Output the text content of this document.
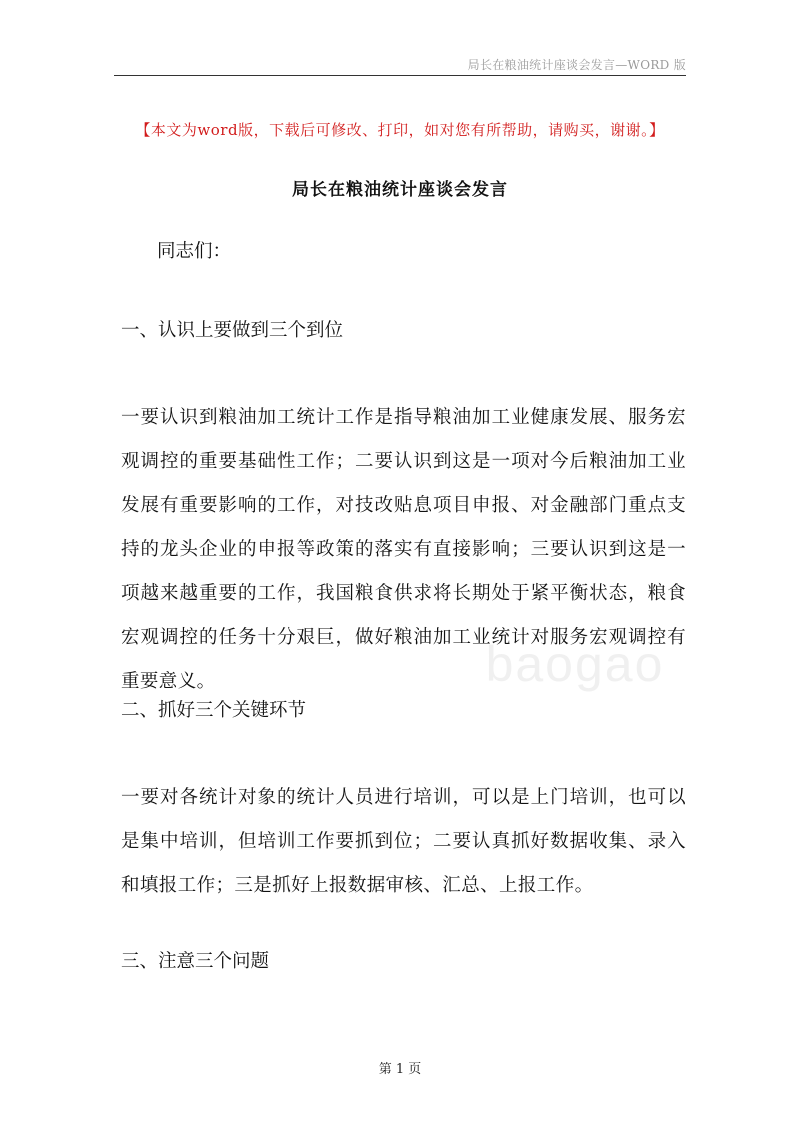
局长在粮油统计座谈会发言—WORD 版
【本文为word版，下载后可修改、打印，如对您有所帮助，请购买，谢谢。】
局长在粮油统计座谈会发言

同志们：

一、认识上要做到三个到位

一要认识到粮油加工统计工作是指导粮油加工业健康发展、服务宏观调控的重要基础性工作；二要认识到这是一项对今后粮油加工业发展有重要影响的工作，对技改贴息项目申报、对金融部门重点支持的龙头企业的申报等政策的落实有直接影响；三要认识到这是一项越来越重要的工作，我国粮食供求将长期处于紧平衡状态，粮食宏观调控的任务十分艰巨，做好粮油加工业统计对服务宏观调控有重要意义。	baogao

二、抓好三个关键环节

一要对各统计对象的统计人员进行培训，可以是上门培训，也可以是集中培训，但培训工作要抓到位；二要认真抓好数据收集、录入和填报工作；三是抓好上报数据审核、汇总、上报工作。

三、注意三个问题

第 1 页
